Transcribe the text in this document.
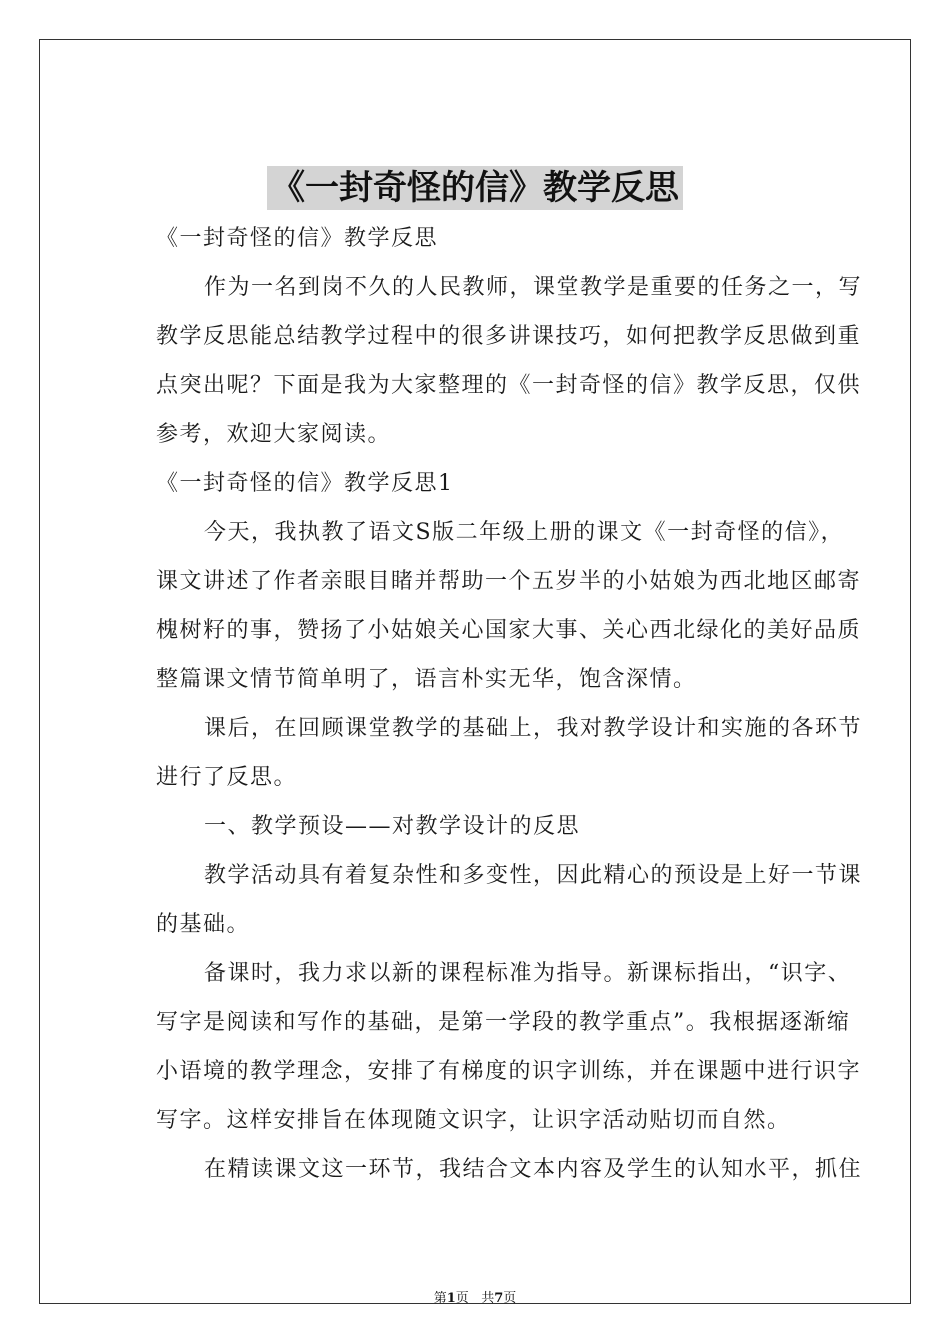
《一封奇怪的信》教学反思

《一封奇怪的信》教学反思

作为一名到岗不久的人民教师，课堂教学是重要的任务之一，写

教学反思能总结教学过程中的很多讲课技巧，如何把教学反思做到重

点突出呢？下面是我为大家整理的《一封奇怪的信》教学反思，仅供

参考，欢迎大家阅读。

《一封奇怪的信》教学反思1

今天，我执教了语文S版二年级上册的课文《一封奇怪的信》，

课文讲述了作者亲眼目睹并帮助一个五岁半的小姑娘为西北地区邮寄

槐树籽的事，赞扬了小姑娘关心国家大事、关心西北绿化的美好品质

整篇课文情节简单明了，语言朴实无华，饱含深情。

课后，在回顾课堂教学的基础上，我对教学设计和实施的各环节

进行了反思。

一、教学预设——对教学设计的反思

教学活动具有着复杂性和多变性，因此精心的预设是上好一节课

的基础。

备课时，我力求以新的课程标准为指导。新课标指出，“识字、

写字是阅读和写作的基础，是第一学段的教学重点”。我根据逐渐缩

小语境的教学理念，安排了有梯度的识字训练，并在课题中进行识字

写字。这样安排旨在体现随文识字，让识字活动贴切而自然。

在精读课文这一环节，我结合文本内容及学生的认知水平，抓住

第1页 共7页
